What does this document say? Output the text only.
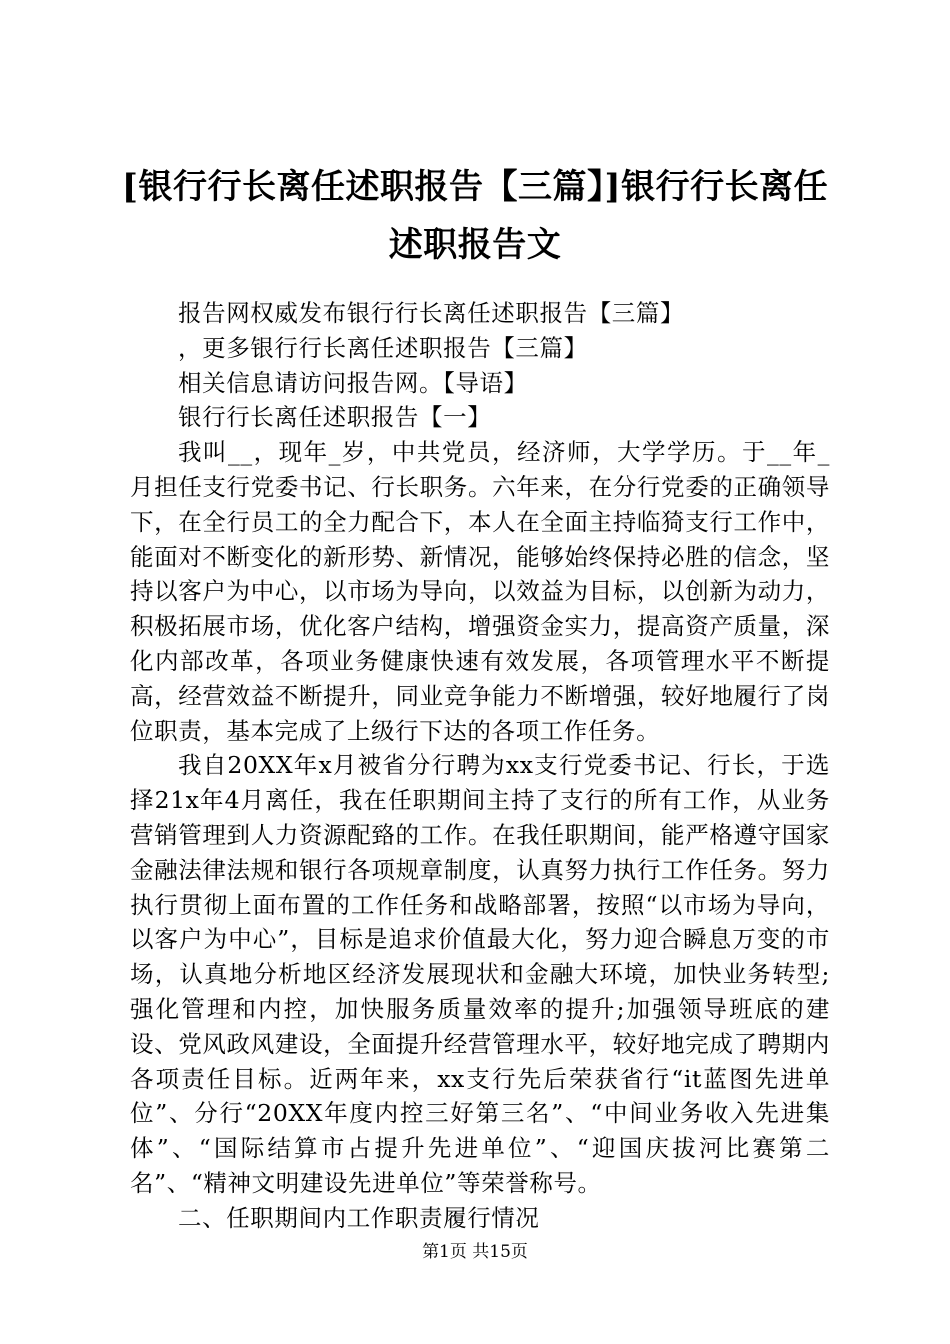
[银行行长离任述职报告【三篇】]银行行长离任述职报告文

报告网权威发布银行行长离任述职报告【三篇】

，更多银行行长离任述职报告【三篇】

相关信息请访问报告网。【导语】

银行行长离任述职报告【一】

我叫__，现年_岁，中共党员，经济师，大学学历。于__年_月担任支行党委书记、行长职务。六年来，在分行党委的正确领导下，在全行员工的全力配合下，本人在全面主持临猗支行工作中，能面对不断变化的新形势、新情况，能够始终保持必胜的信念，坚持以客户为中心，以市场为导向，以效益为目标，以创新为动力，积极拓展市场，优化客户结构，增强资金实力，提高资产质量，深化内部改革，各项业务健康快速有效发展，各项管理水平不断提高，经营效益不断提升，同业竞争能力不断增强，较好地履行了岗位职责，基本完成了上级行下达的各项工作任务。

我自20XX年x月被省分行聘为xx支行党委书记、行长，于选择21x年4月离任，我在任职期间主持了支行的所有工作，从业务营销管理到人力资源配臵的工作。在我任职期间，能严格遵守国家金融法律法规和银行各项规章制度，认真努力执行工作任务。努力执行贯彻上面布置的工作任务和战略部署，按照“以市场为导向，以客户为中心”，目标是追求价值最大化，努力迎合瞬息万变的市场，认真地分析地区经济发展现状和金融大环境，加快业务转型;强化管理和内控，加快服务质量效率的提升;加强领导班底的建设、党风政风建设，全面提升经营管理水平，较好地完成了聘期内各项责任目标。近两年来，xx支行先后荣获省行“it蓝图先进单位”、分行“20XX年度内控三好第三名”、“中间业务收入先进集体”、“国际结算市占提升先进单位”、“迎国庆拔河比赛第二名”、“精神文明建设先进单位”等荣誉称号。

二、任职期间内工作职责履行情况

第1页 共15页
